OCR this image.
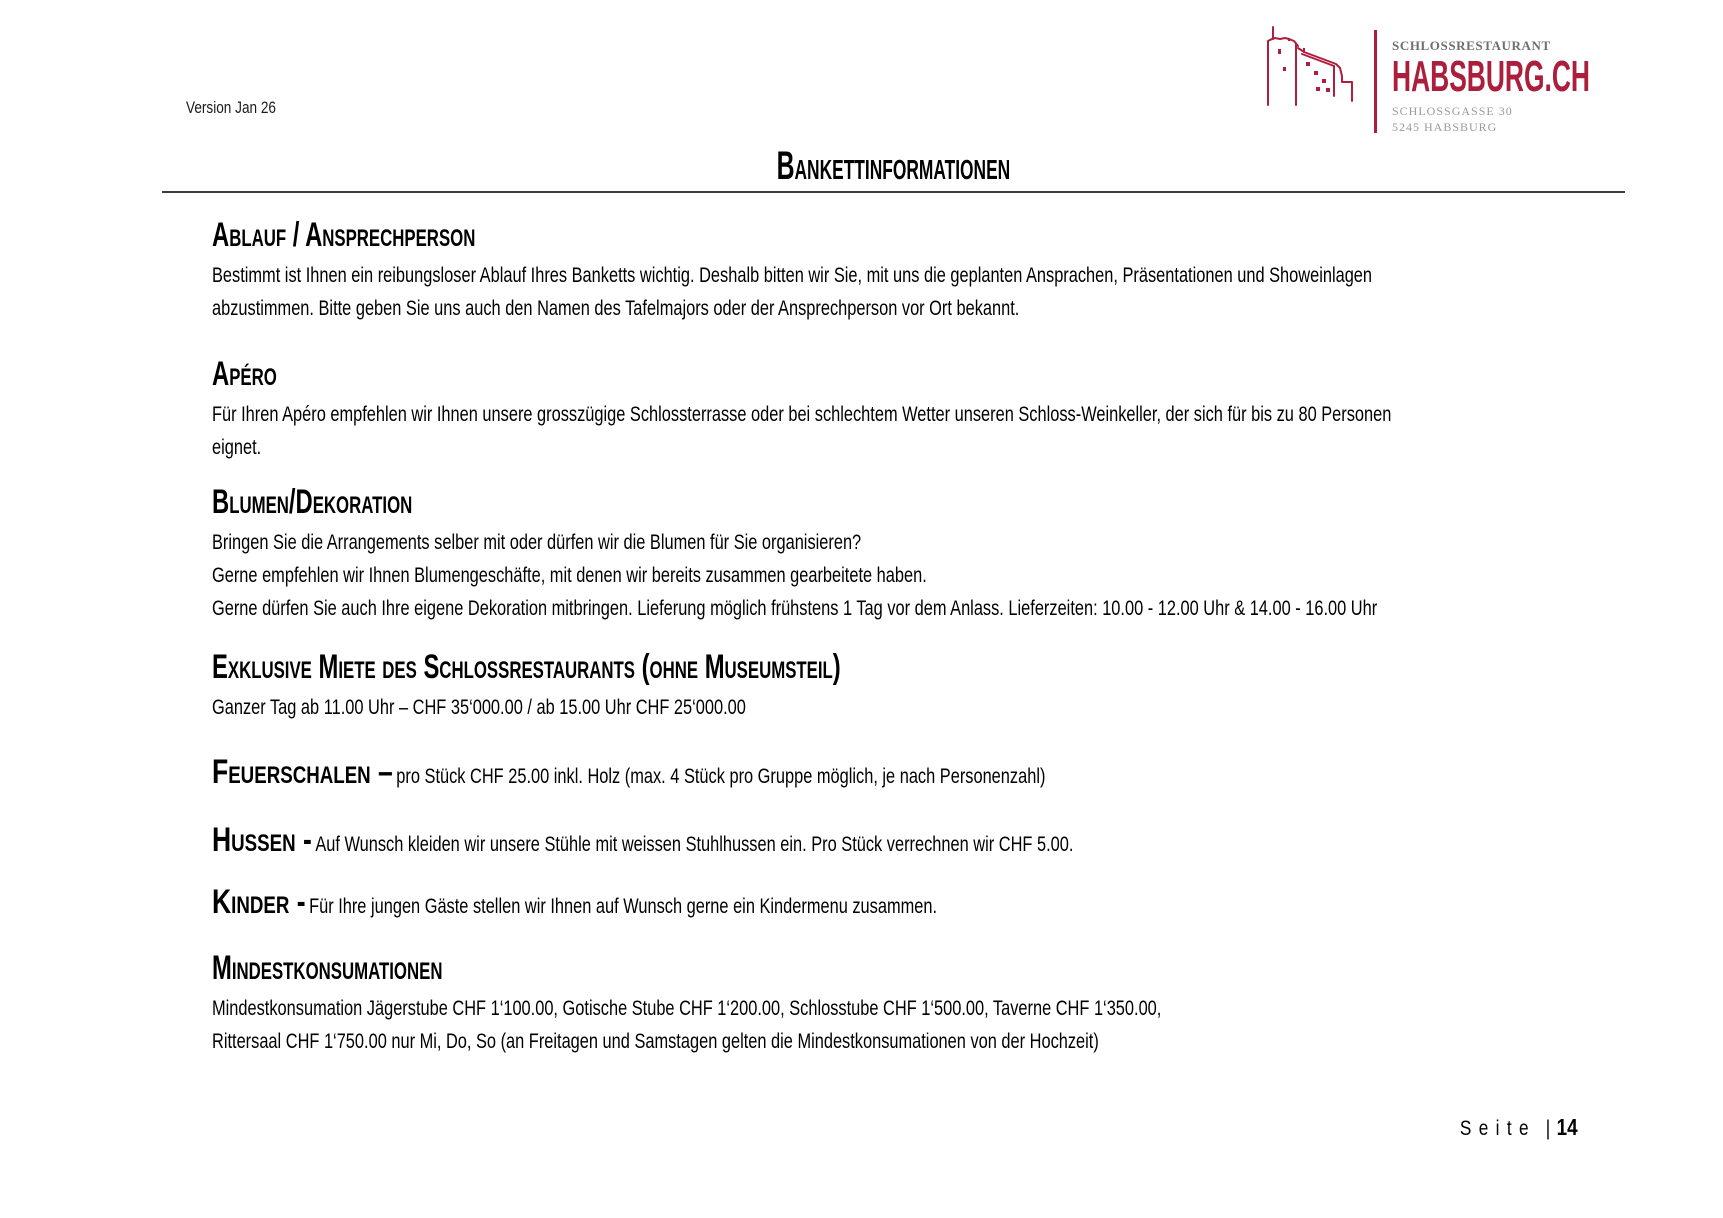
Version Jan 26
SCHLOSSRESTAURANT
HABSBURG.CH
SCHLOSSGASSE 30
5245 HABSBURG
Bankettinformationen
Ablauf / Ansprechperson
Bestimmt ist Ihnen ein reibungsloser Ablauf Ihres Banketts wichtig. Deshalb bitten wir Sie, mit uns die geplanten Ansprachen, Präsentationen und Showeinlagen
abzustimmen. Bitte geben Sie uns auch den Namen des Tafelmajors oder der Ansprechperson vor Ort bekannt.
Apéro
Für Ihren Apéro empfehlen wir Ihnen unsere grosszügige Schlossterrasse oder bei schlechtem Wetter unseren Schloss-Weinkeller, der sich für bis zu 80 Personen
eignet.
Blumen/Dekoration
Bringen Sie die Arrangements selber mit oder dürfen wir die Blumen für Sie organisieren?
Gerne empfehlen wir Ihnen Blumengeschäfte, mit denen wir bereits zusammen gearbeitete haben.
Gerne dürfen Sie auch Ihre eigene Dekoration mitbringen. Lieferung möglich frühstens 1 Tag vor dem Anlass. Lieferzeiten: 10.00 - 12.00 Uhr & 14.00 - 16.00 Uhr
Exklusive Miete des Schlossrestaurants (ohne Museumsteil)
Ganzer Tag ab 11.00 Uhr – CHF 35‘000.00 / ab 15.00 Uhr CHF 25‘000.00
Feuerschalen – pro Stück CHF 25.00 inkl. Holz (max. 4 Stück pro Gruppe möglich, je nach Personenzahl)
Hussen - Auf Wunsch kleiden wir unsere Stühle mit weissen Stuhlhussen ein. Pro Stück verrechnen wir CHF 5.00.
Kinder - Für Ihre jungen Gäste stellen wir Ihnen auf Wunsch gerne ein Kindermenu zusammen.
Mindestkonsumationen
Mindestkonsumation Jägerstube CHF 1‘100.00, Gotische Stube CHF 1‘200.00, Schlosstube CHF 1‘500.00, Taverne CHF 1‘350.00,
Rittersaal CHF 1‘750.00 nur Mi, Do, So (an Freitagen und Samstagen gelten die Mindestkonsumationen von der Hochzeit)
Seite | 14
